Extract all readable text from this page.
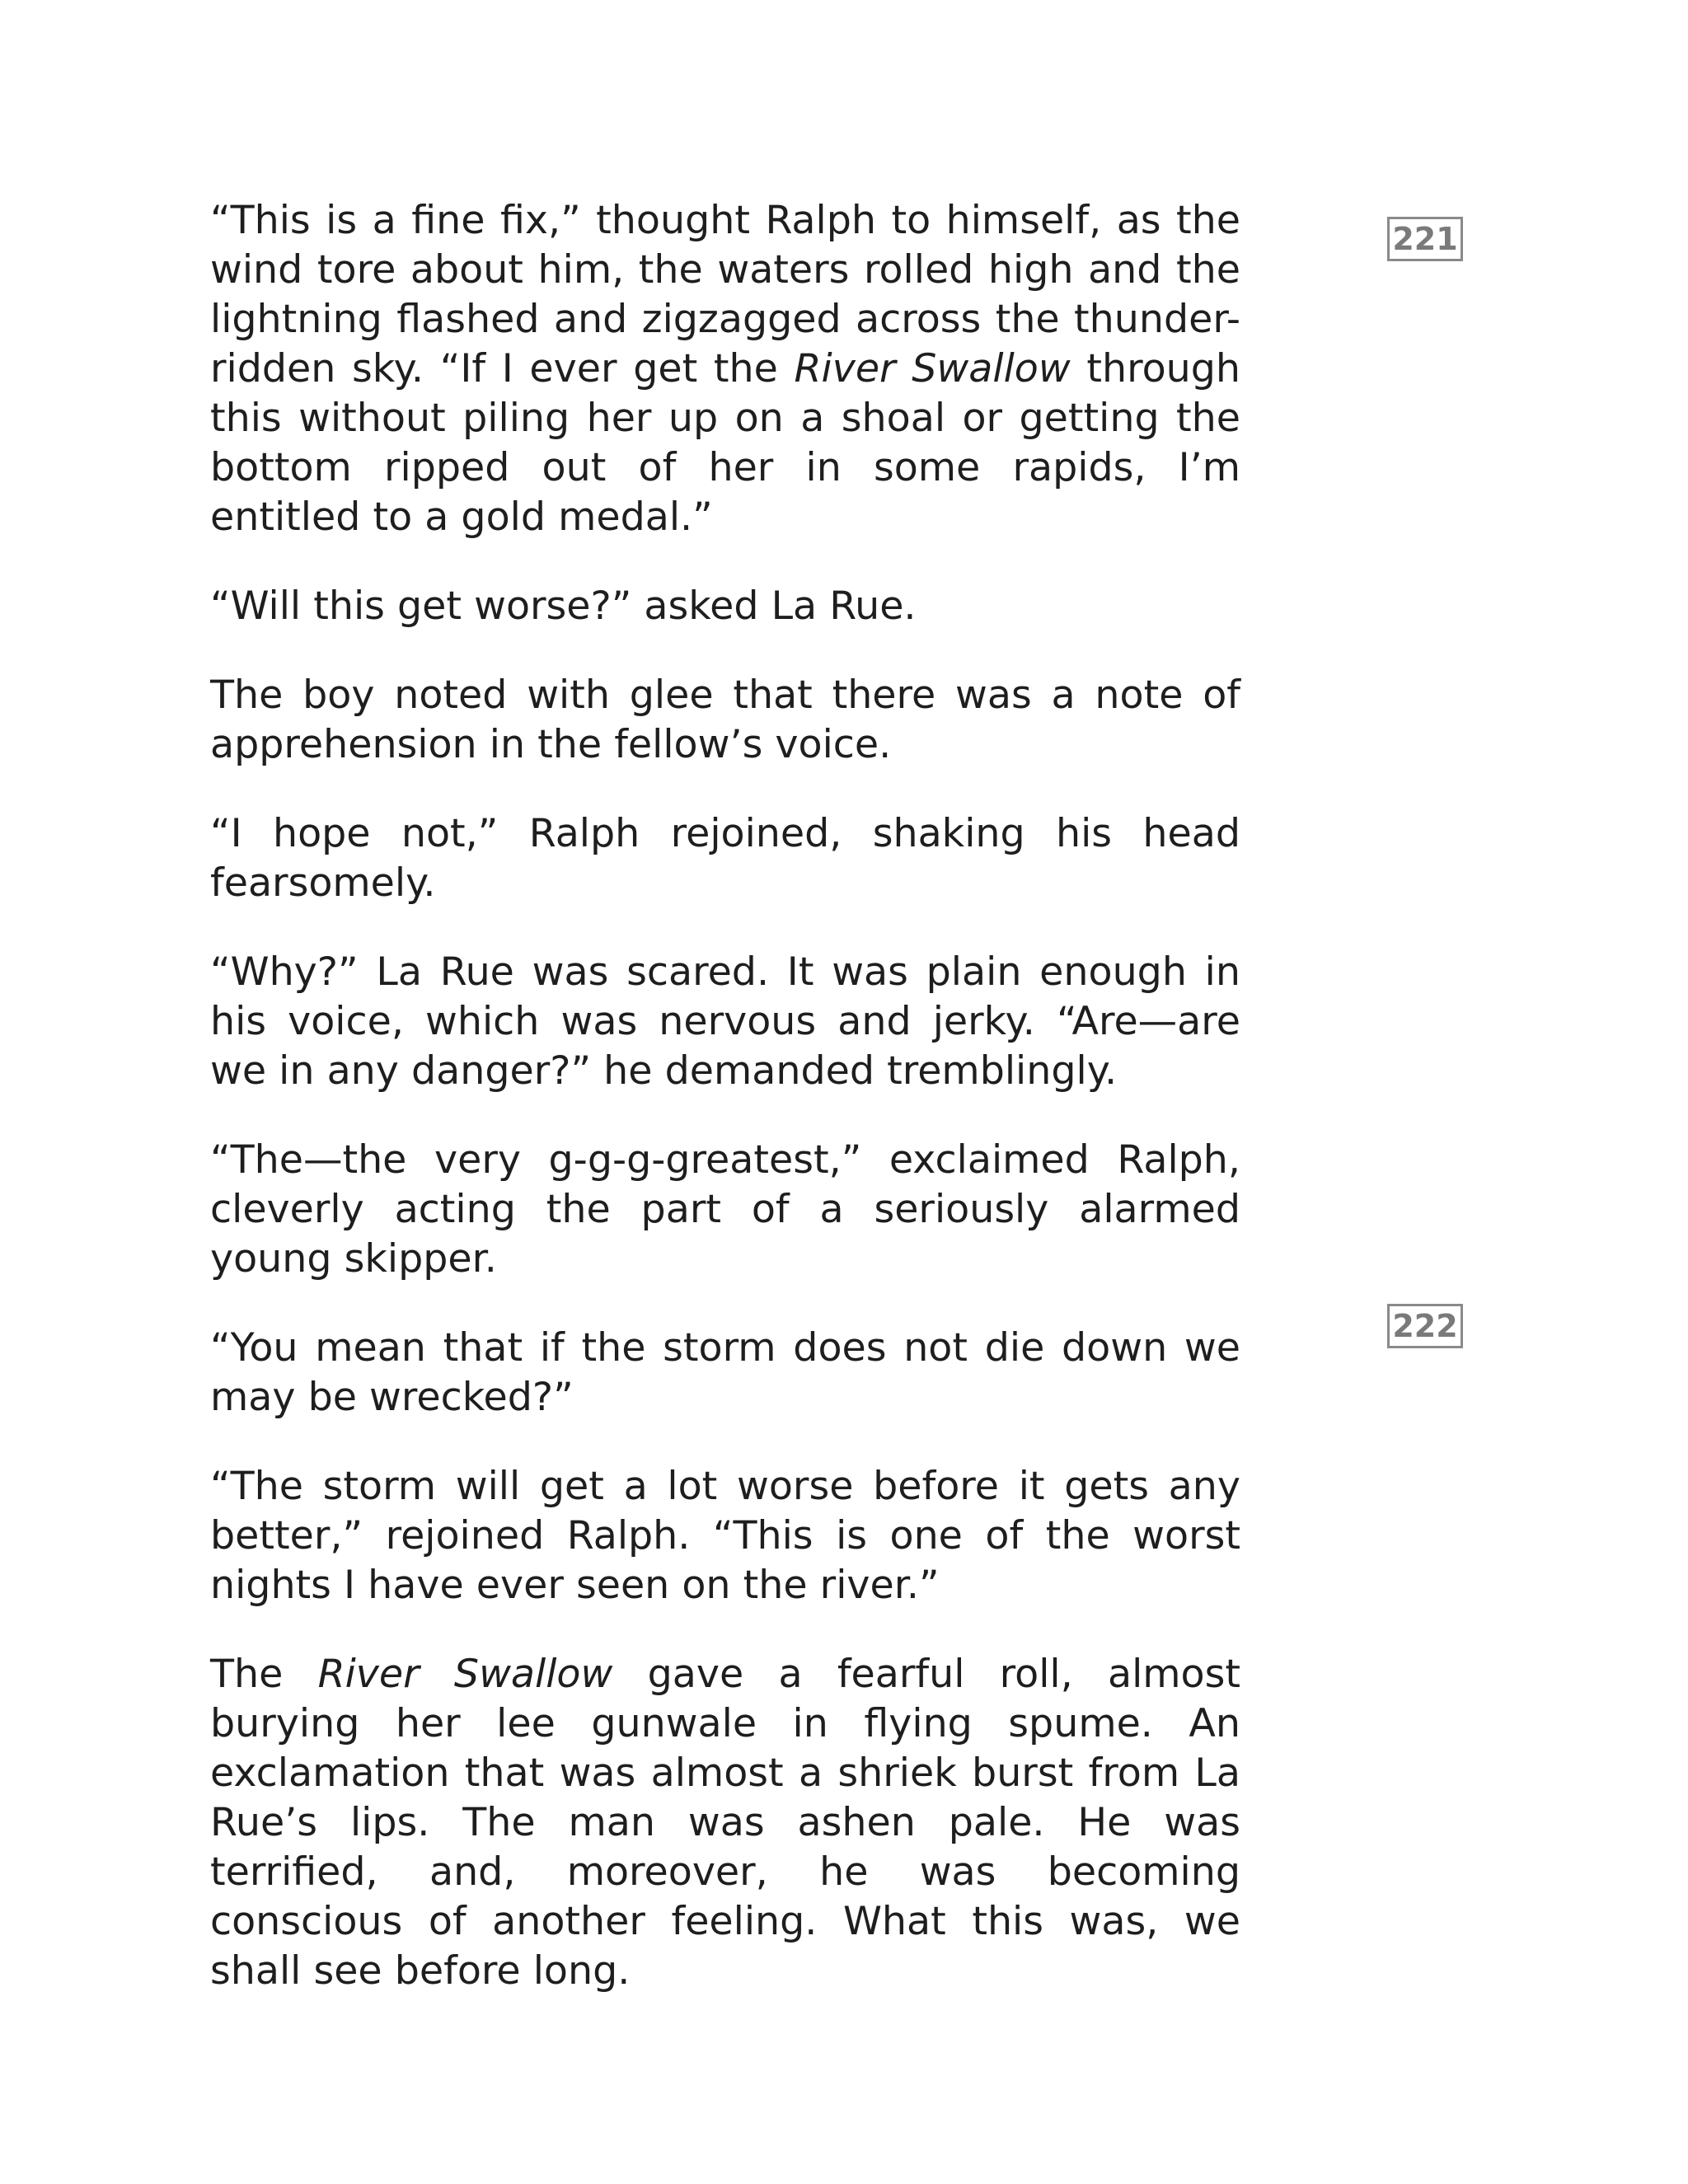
“This is a fine fix,” thought Ralph to himself, as the wind tore about him, the waters rolled high and the lightning flashed and zigzagged across the thunder-ridden sky. “If I ever get the River Swallow through this without piling her up on a shoal or getting the bottom ripped out of her in some rapids, I’m entitled to a gold medal.”

“Will this get worse?” asked La Rue.

The boy noted with glee that there was a note of apprehension in the fellow’s voice.

“I hope not,” Ralph rejoined, shaking his head fearsomely.

“Why?” La Rue was scared. It was plain enough in his voice, which was nervous and jerky. “Are—are we in any danger?” he demanded tremblingly.

“The—the very g-g-g-greatest,” exclaimed Ralph, cleverly acting the part of a seriously alarmed young skipper.

“You mean that if the storm does not die down we may be wrecked?”

“The storm will get a lot worse before it gets any better,” rejoined Ralph. “This is one of the worst nights I have ever seen on the river.”

The River Swallow gave a fearful roll, almost burying her lee gunwale in flying spume. An exclamation that was almost a shriek burst from La Rue’s lips. The man was ashen pale. He was terrified, and, moreover, he was becoming conscious of another feeling. What this was, we shall see before long.

221
222
